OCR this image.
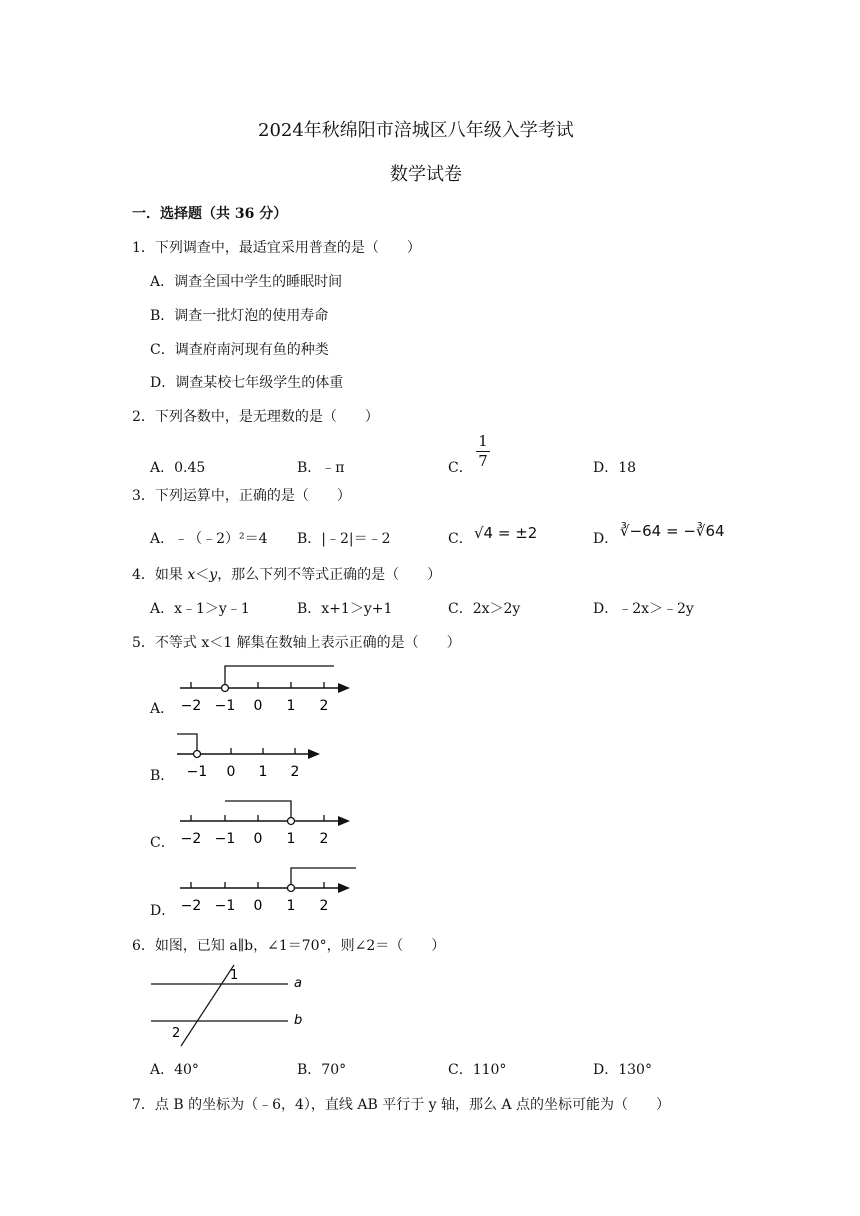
2024年秋绵阳市涪城区八年级入学考试
数学试卷
一．选择题（共 36 分）
1．下列调查中，最适宜采用普查的是（　　）
A．调查全国中学生的睡眠时间
B．调查一批灯泡的使用寿命
C．调查府南河现有鱼的种类
D．调查某校七年级学生的体重
2．下列各数中，是无理数的是（　　）
A．0.45	B．﹣π	C．
1
7	D．18
3．下列运算中，正确的是（　　）
A．﹣（﹣2）²＝4 B．|﹣2|＝﹣2	C． √4 = ±2	D． ∛−64 = −∛64
4．如果 x＜y，那么下列不等式正确的是（　　）
A．x﹣1＞y﹣1	B．x+1＞y+1	C．2x＞2y	D．﹣2x＞﹣2y
5．不等式 x＜1 解集在数轴上表示正确的是（　　）
A． −2 −1 0 1 2
B． −1 0 1 2
C． −2 −1 0 1 2
D． −2 −1 0 1 2
6．如图，已知 a∥b，∠1＝70°，则∠2＝（　　）
1
2
a
b
A．40°	B．70°	C．110°	D．130°
7．点 B 的坐标为（﹣6，4），直线 AB 平行于 y 轴，那么 A 点的坐标可能为（　　）
